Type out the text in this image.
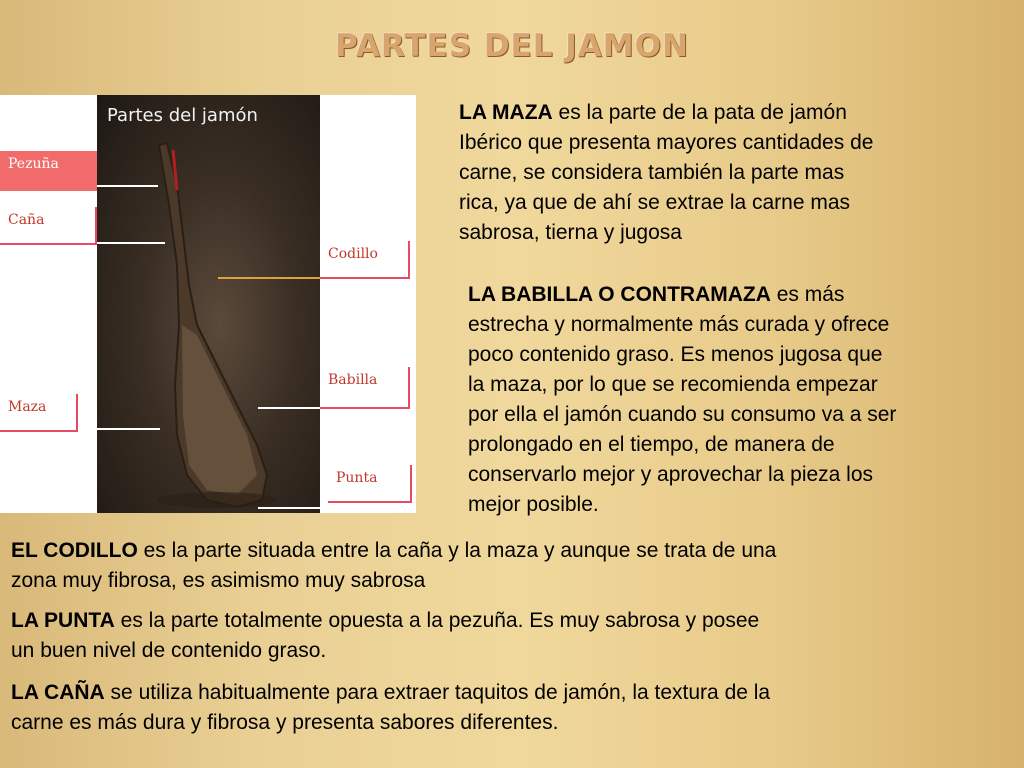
PARTES DEL JAMON
Partes del jamón
Pezuña
Caña
Maza
Codillo
Babilla
Punta
LA MAZA es la parte de la pata de jamón
Ibérico que presenta mayores cantidades de
carne, se considera también la parte mas
rica, ya que de ahí se extrae la carne mas
sabrosa, tierna y jugosa
LA BABILLA O CONTRAMAZA es más
estrecha y normalmente más curada y ofrece
poco contenido graso. Es menos jugosa que
la maza, por lo que se recomienda empezar
por ella el jamón cuando su consumo va a ser
prolongado en el tiempo, de manera de
conservarlo mejor y aprovechar la pieza los
mejor posible.
EL CODILLO es la parte situada entre la caña y la maza y aunque se trata de una
zona muy fibrosa, es asimismo muy sabrosa
LA PUNTA es la parte totalmente opuesta a la pezuña. Es muy sabrosa y posee
un buen nivel de contenido graso.
LA CAÑA se utiliza habitualmente para extraer taquitos de jamón, la textura de la
carne es más dura y fibrosa y presenta sabores diferentes.
